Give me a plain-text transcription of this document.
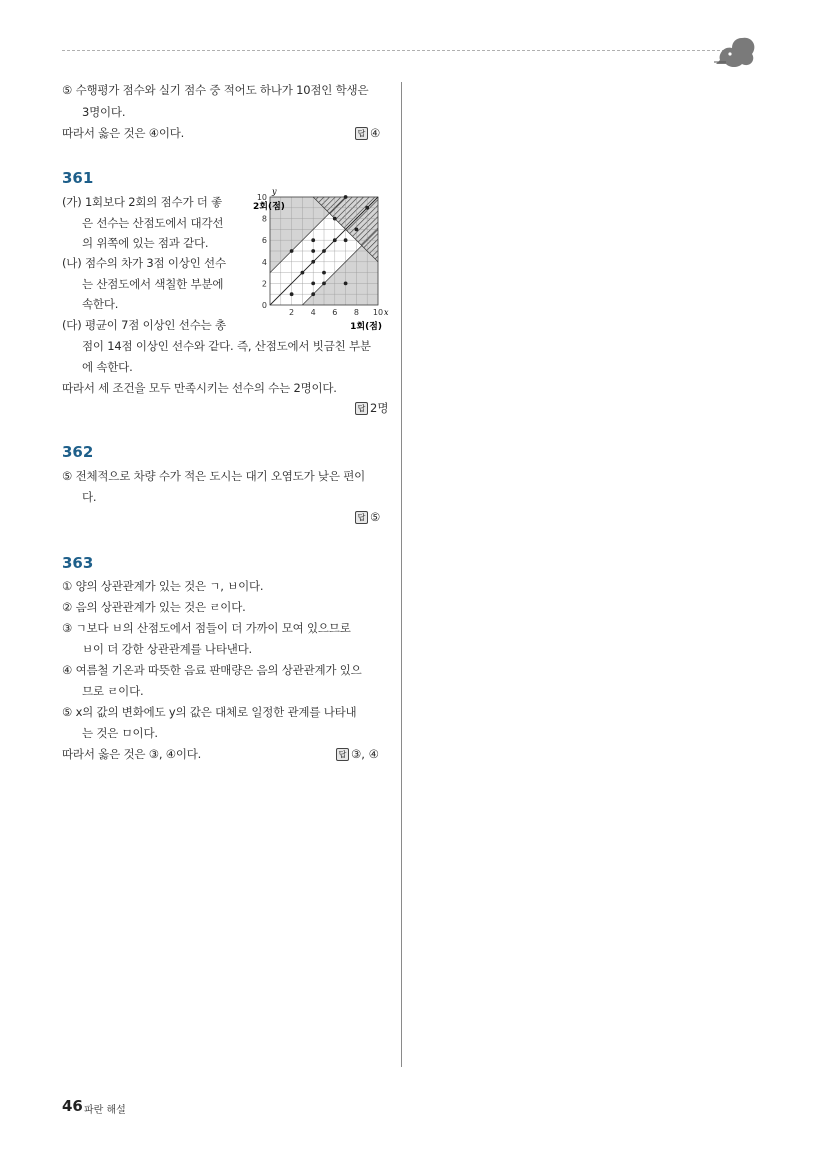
⑤ 수행평가 점수와 실기 점수 중 적어도 하나가 10점인 학생은
3명이다.
따라서 옳은 것은 ④이다.	답 ④
361
(가) 1회보다 2회의 점수가 더 좋
은 선수는 산점도에서 대각선
의 위쪽에 있는 점과 같다.
(나) 점수의 차가 3점 이상인 선수
는 산점도에서 색칠한 부분에
속한다.
(다) 평균이 7점 이상인 선수는 총
점이 14점 이상인 선수와 같다. 즉, 산점도에서 빗금친 부분
에 속한다.
따라서 세 조건을 모두 만족시키는 선수의 수는 2명이다.
답 2명
2 4 6 8 10
0
2
4
6
8
10
2회(점)
1회(점)
x
y
362
⑤ 전체적으로 차량 수가 적은 도시는 대기 오염도가 낮은 편이
다.
답 ⑤
363
① 양의 상관관계가 있는 것은 ㄱ, ㅂ이다.
② 음의 상관관계가 있는 것은 ㄹ이다.
③ ㄱ보다 ㅂ의 산점도에서 점들이 더 가까이 모여 있으므로
ㅂ이 더 강한 상관관계를 나타낸다.
④ 여름철 기온과 따뜻한 음료 판매량은 음의 상관관계가 있으
므로 ㄹ이다.
⑤ x의 값의 변화에도 y의 값은 대체로 일정한 관계를 나타내
는 것은 ㅁ이다.
따라서 옳은 것은 ③, ④이다.	답 ③, ④
46 파란 해설
